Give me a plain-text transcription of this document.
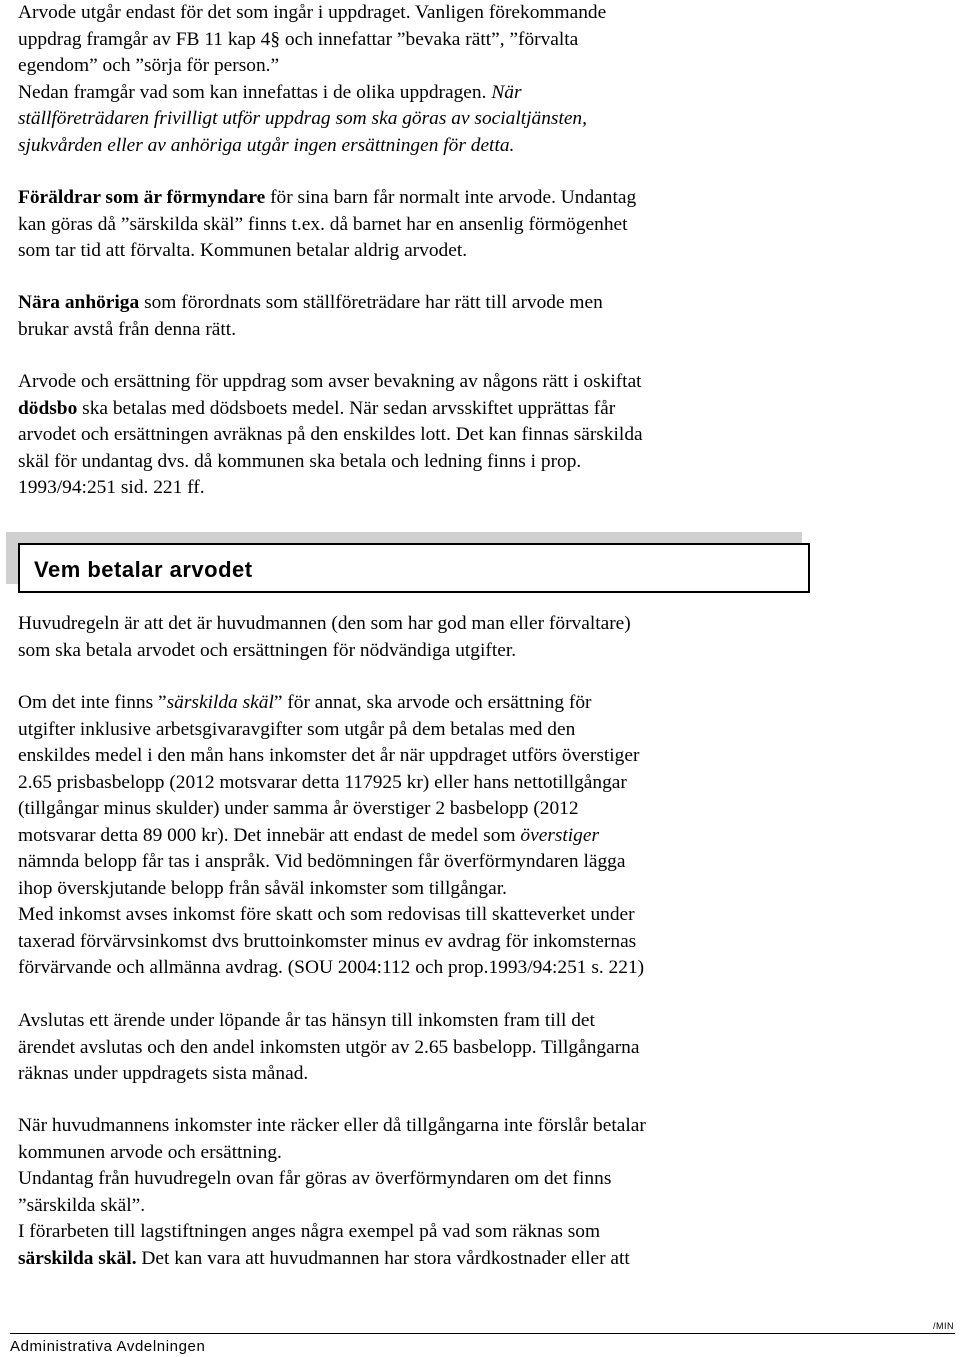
Arvode utgår endast för det som ingår i uppdraget. Vanligen förekommande

uppdrag framgår av FB 11 kap 4§ och innefattar ”bevaka rätt”, ”förvalta

egendom” och ”sörja för person.”

Nedan framgår vad som kan innefattas i de olika uppdragen. När

ställföreträdaren frivilligt utför uppdrag som ska göras av socialtjänsten,

sjukvården eller av anhöriga utgår ingen ersättningen för detta.

Föräldrar som är förmyndare för sina barn får normalt inte arvode. Undantag

kan göras då ”särskilda skäl” finns t.ex. då barnet har en ansenlig förmögenhet

som tar tid att förvalta. Kommunen betalar aldrig arvodet.

Nära anhöriga som förordnats som ställföreträdare har rätt till arvode men

brukar avstå från denna rätt.

Arvode och ersättning för uppdrag som avser bevakning av någons rätt i oskiftat

dödsbo ska betalas med dödsboets medel. När sedan arvsskiftet upprättas får

arvodet och ersättningen avräknas på den enskildes lott. Det kan finnas särskilda

skäl för undantag dvs. då kommunen ska betala och ledning finns i prop.

1993/94:251 sid. 221 ff.

Vem betalar arvodet

Huvudregeln är att det är huvudmannen (den som har god man eller förvaltare)

som ska betala arvodet och ersättningen för nödvändiga utgifter.

Om det inte finns ”särskilda skäl” för annat, ska arvode och ersättning för

utgifter inklusive arbetsgivaravgifter som utgår på dem betalas med den

enskildes medel i den mån hans inkomster det år när uppdraget utförs överstiger

2.65 prisbasbelopp (2012 motsvarar detta 117925 kr) eller hans nettotillgångar

(tillgångar minus skulder) under samma år överstiger 2 basbelopp (2012

motsvarar detta 89 000 kr). Det innebär att endast de medel som överstiger

nämnda belopp får tas i anspråk. Vid bedömningen får överförmyndaren lägga

ihop överskjutande belopp från såväl inkomster som tillgångar.

Med inkomst avses inkomst före skatt och som redovisas till skatteverket under

taxerad förvärvsinkomst dvs bruttoinkomster minus ev avdrag för inkomsternas

förvärvande och allmänna avdrag. (SOU 2004:112 och prop.1993/94:251 s. 221)

Avslutas ett ärende under löpande år tas hänsyn till inkomsten fram till det

ärendet avslutas och den andel inkomsten utgör av 2.65 basbelopp. Tillgångarna

räknas under uppdragets sista månad.

När huvudmannens inkomster inte räcker eller då tillgångarna inte förslår betalar

kommunen arvode och ersättning.

Undantag från huvudregeln ovan får göras av överförmyndaren om det finns

”särskilda skäl”.

I förarbeten till lagstiftningen anges några exempel på vad som räknas som

särskilda skäl. Det kan vara att huvudmannen har stora vårdkostnader eller att

/MIN
Administrativa Avdelningen
